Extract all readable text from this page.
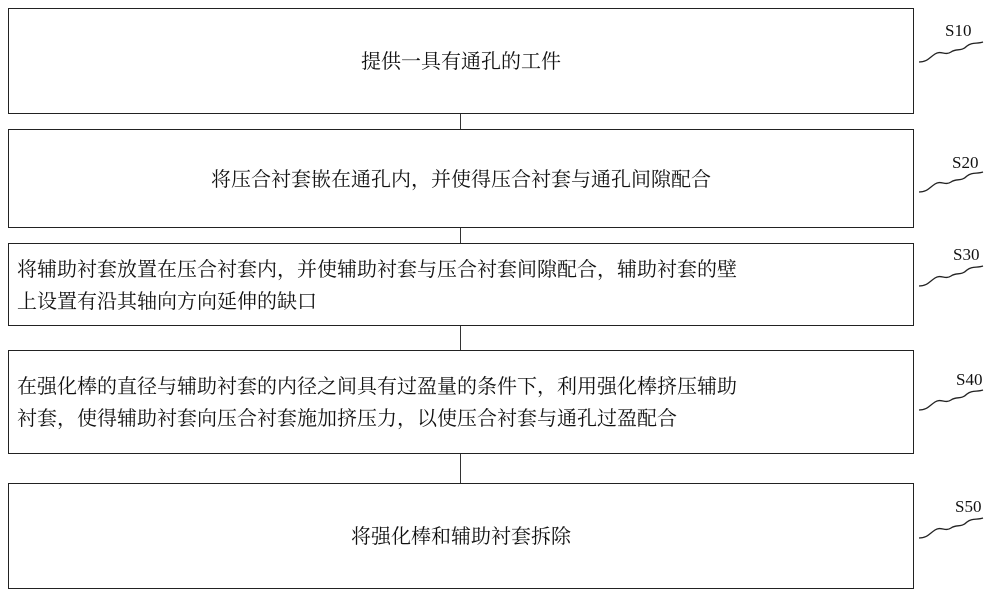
提供一具有通孔的工件
将压合衬套嵌在通孔内，并使得压合衬套与通孔间隙配合
将辅助衬套放置在压合衬套内，并使辅助衬套与压合衬套间隙配合，辅助衬套的壁
上设置有沿其轴向方向延伸的缺口
在强化棒的直径与辅助衬套的内径之间具有过盈量的条件下，利用强化棒挤压辅助
衬套，使得辅助衬套向压合衬套施加挤压力，以使压合衬套与通孔过盈配合
将强化棒和辅助衬套拆除
S10
S20
S30
S40
S50
